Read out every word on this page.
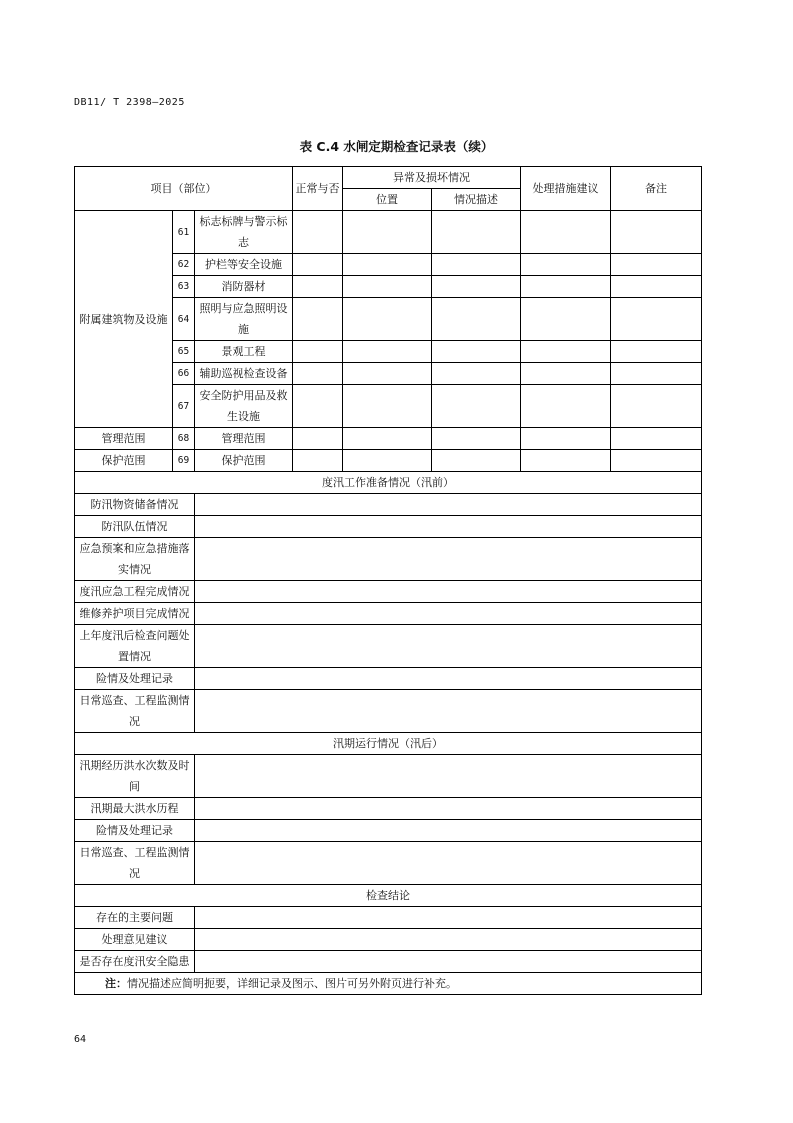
DB11/ T 2398—2025
表 C.4 水闸定期检查记录表（续）
项目（部位）			正常与否	异常及损坏情况		处理措施建议	备注
				位置	情况描述		
附属建筑物及设施	61	标志标牌与警示标志					
	62	护栏等安全设施					
	63	消防器材					
	64	照明与应急照明设施					
	65	景观工程					
	66	辅助巡视检查设备					
	67	安全防护用品及救生设施					
管理范围	68	管理范围					
保护范围	69	保护范围					
度汛工作准备情况（汛前）							
防汛物资储备情况							
防汛队伍情况							
应急预案和应急措施落实情况							
度汛应急工程完成情况							
维修养护项目完成情况							
上年度汛后检查问题处置情况							
险情及处理记录							
日常巡查、工程监测情况							
汛期运行情况（汛后）							
汛期经历洪水次数及时间							
汛期最大洪水历程							
险情及处理记录							
日常巡查、工程监测情况							
检查结论							
存在的主要问题							
处理意见建议							
是否存在度汛安全隐患							
注：情况描述应简明扼要，详细记录及图示、图片可另外附页进行补充。							
64
